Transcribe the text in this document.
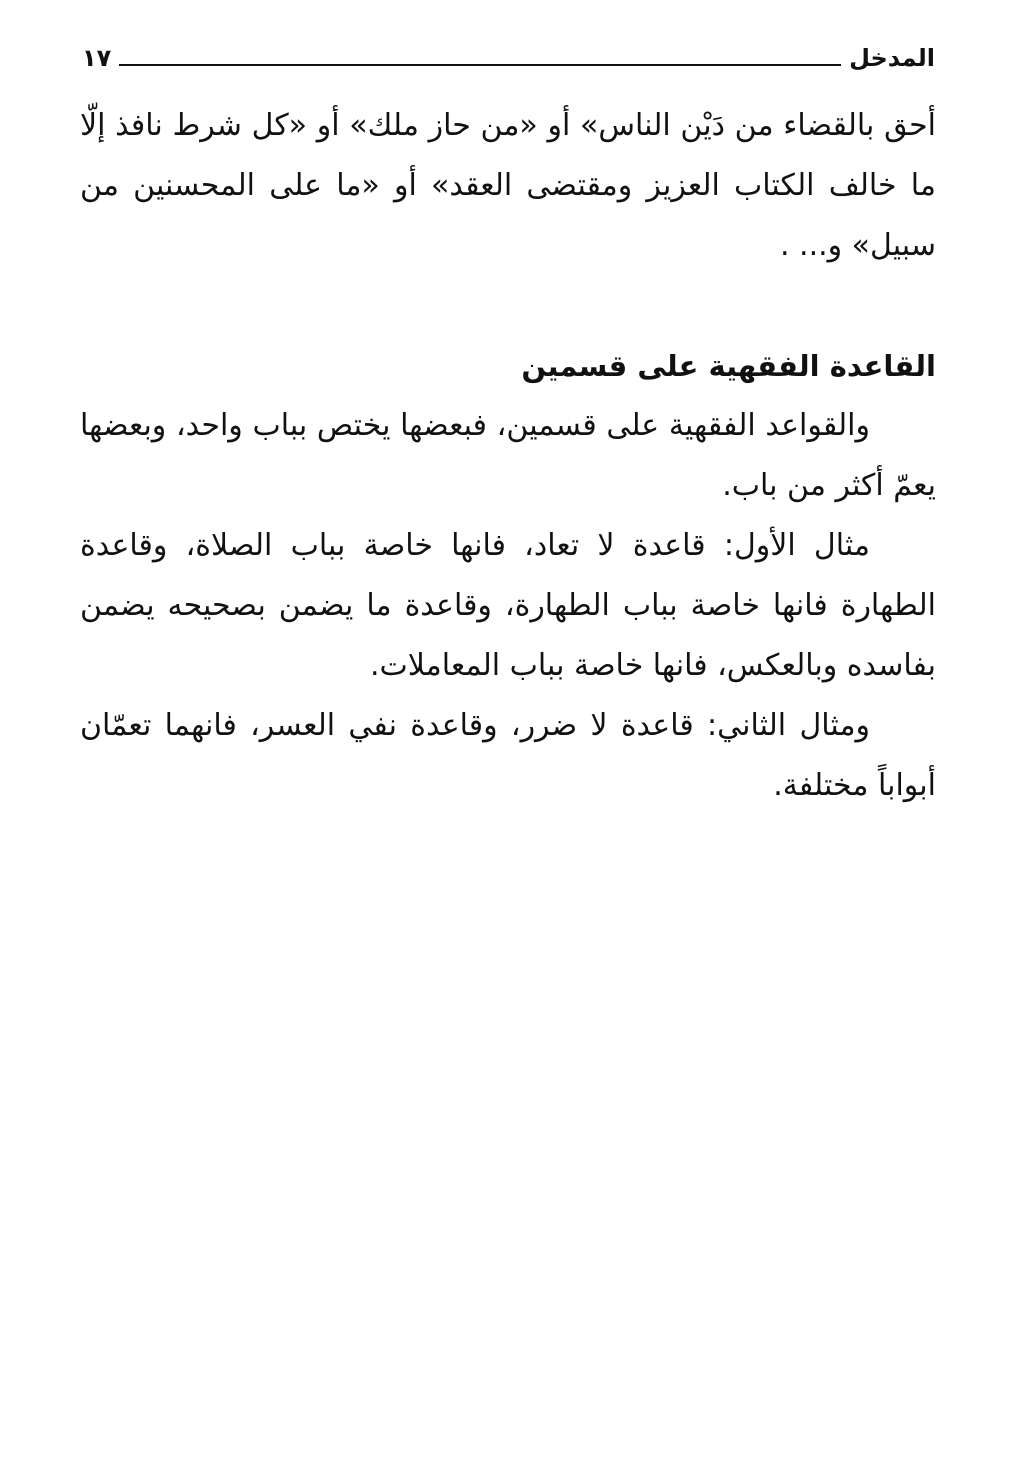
المدخل
١٧

أحق بالقضاء من دَيْن الناس» أو «من حاز ملك» أو «كل شرط نافذ إلّا ما خالف الكتاب العزيز ومقتضى العقد» أو «ما على المحسنين من سبيل» و... .

القاعدة الفقهية على قسمين

والقواعد الفقهية على قسمين، فبعضها يختص بباب واحد، وبعضها يعمّ أكثر من باب.

مثال الأول: قاعدة لا تعاد، فانها خاصة بباب الصلاة، وقاعدة الطهارة فانها خاصة بباب الطهارة، وقاعدة ما يضمن بصحيحه يضمن بفاسده وبالعكس، فانها خاصة بباب المعاملات.

ومثال الثاني: قاعدة لا ضرر، وقاعدة نفي العسر، فانهما تعمّان أبواباً مختلفة.
